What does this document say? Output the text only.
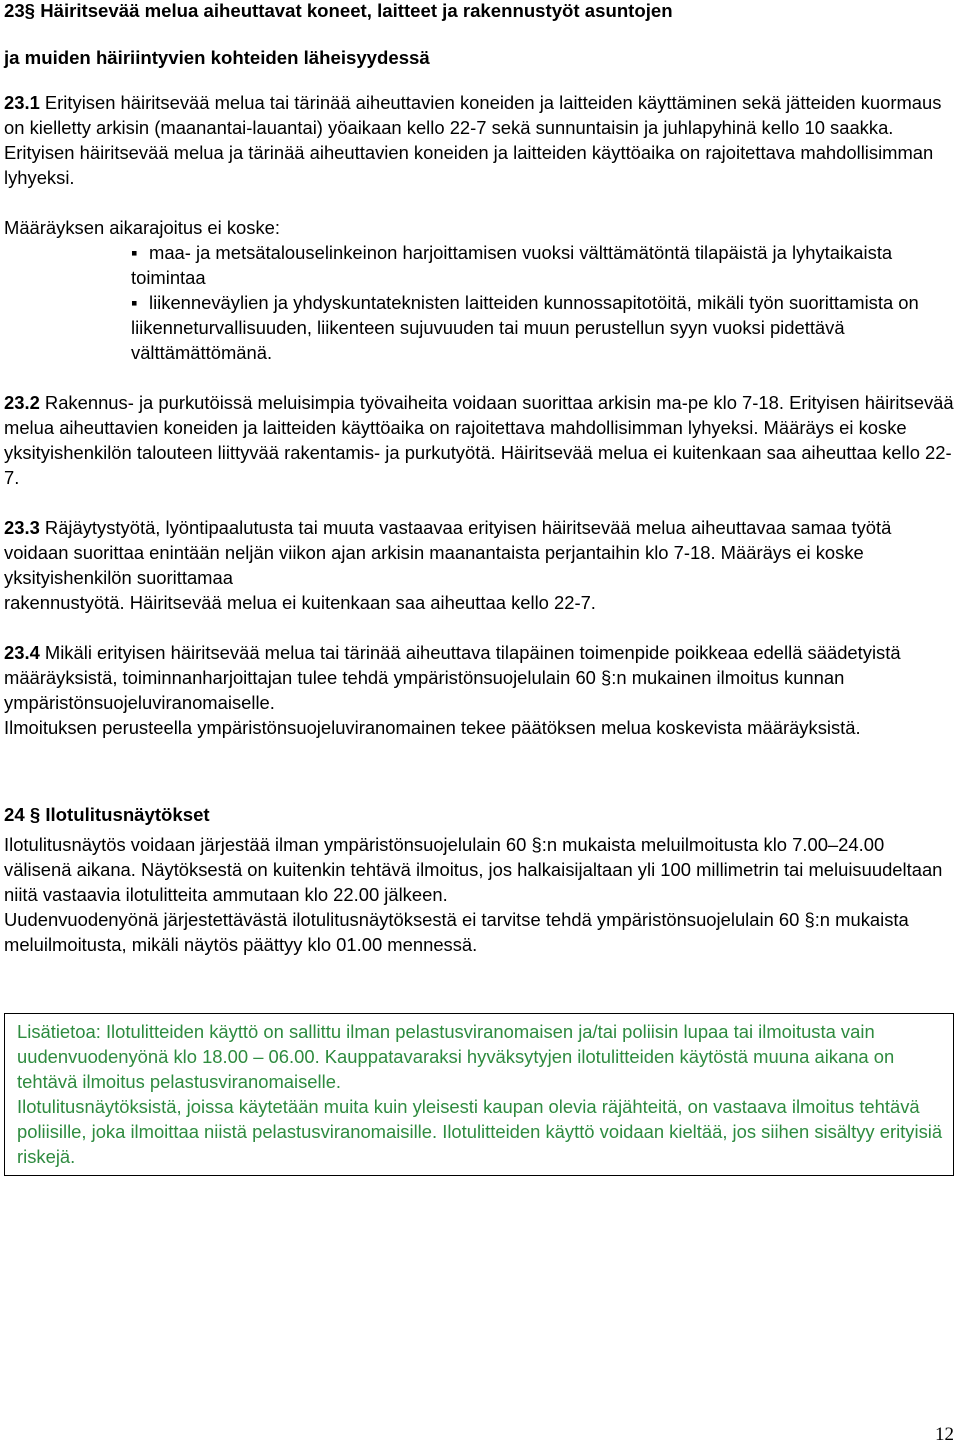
23§ Häiritsevää melua aiheuttavat koneet, laitteet ja rakennustyöt asuntojen
ja muiden häiriintyvien kohteiden läheisyydessä

23.1 Erityisen häiritsevää melua tai tärinää aiheuttavien koneiden ja laitteiden käyttäminen sekä jätteiden kuormaus on kielletty arkisin (maanantai-lauantai) yöaikaan kello 22-7 sekä sunnuntaisin ja juhlapyhinä kello 10 saakka. Erityisen häiritsevää melua ja tärinää aiheuttavien koneiden ja laitteiden käyttöaika on rajoitettava mahdollisimman lyhyeksi.

Määräyksen aikarajoitus ei koske:

▪ maa- ja metsätalouselinkeinon harjoittamisen vuoksi välttämätöntä tilapäistä ja lyhytaikaista toimintaa
▪ liikenneväylien ja yhdyskuntateknisten laitteiden kunnossapitotöitä, mikäli työn suorittamista on liikenneturvallisuuden, liikenteen sujuvuuden tai muun perustellun syyn vuoksi pidettävä välttämättömänä.

23.2 Rakennus- ja purkutöissä meluisimpia työvaiheita voidaan suorittaa arkisin ma-pe klo 7-18. Erityisen häiritsevää melua aiheuttavien koneiden ja laitteiden käyttöaika on rajoitettava mahdollisimman lyhyeksi. Määräys ei koske yksityishenkilön talouteen liittyvää rakentamis- ja purkutyötä. Häiritsevää melua ei kuitenkaan saa aiheuttaa kello 22-7.

23.3 Räjäytystyötä, lyöntipaalutusta tai muuta vastaavaa erityisen häiritsevää melua aiheuttavaa samaa työtä voidaan suorittaa enintään neljän viikon ajan arkisin maanantaista perjantaihin klo 7-18. Määräys ei koske yksityishenkilön suorittamaa
rakennustyötä. Häiritsevää melua ei kuitenkaan saa aiheuttaa kello 22-7.

23.4 Mikäli erityisen häiritsevää melua tai tärinää aiheuttava tilapäinen toimenpide poikkeaa edellä säädetyistä määräyksistä, toiminnanharjoittajan tulee tehdä ympäristönsuojelulain 60 §:n mukainen ilmoitus kunnan ympäristönsuojeluviranomaiselle.

Ilmoituksen perusteella ympäristönsuojeluviranomainen tekee päätöksen melua koskevista määräyksistä.

24 § Ilotulitusnäytökset

Ilotulitusnäytös voidaan järjestää ilman ympäristönsuojelulain 60 §:n mukaista meluilmoitusta klo 7.00–24.00 välisenä aikana. Näytöksestä on kuitenkin tehtävä ilmoitus, jos halkaisijaltaan yli 100 millimetrin tai meluisuudeltaan niitä vastaavia ilotulitteita ammutaan klo 22.00 jälkeen.

Uudenvuodenyönä järjestettävästä ilotulitusnäytöksestä ei tarvitse tehdä ympäristönsuojelulain 60 §:n mukaista meluilmoitusta, mikäli näytös päättyy klo 01.00 mennessä.

Lisätietoa: Ilotulitteiden käyttö on sallittu ilman pelastusviranomaisen ja/tai poliisin lupaa tai ilmoitusta vain uudenvuodenyönä klo 18.00 – 06.00. Kauppatavaraksi hyväksytyjen ilotulitteiden käytöstä muuna aikana on tehtävä ilmoitus pelastusviranomaiselle.

Ilotulitusnäytöksistä, joissa käytetään muita kuin yleisesti kaupan olevia räjähteitä, on vastaava ilmoitus tehtävä poliisille, joka ilmoittaa niistä pelastusviranomaisille. Ilotulitteiden käyttö voidaan kieltää, jos siihen sisältyy erityisiä riskejä.

12
